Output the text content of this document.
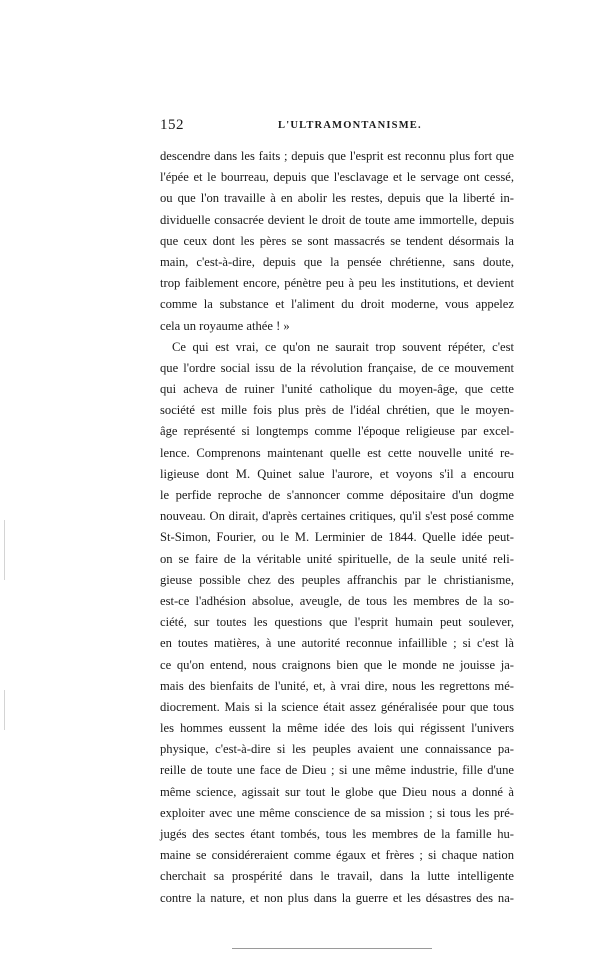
152	L'ULTRAMONTANISME.
descendre dans les faits ; depuis que l'esprit est reconnu plus fort que
l'épée et le bourreau, depuis que l'esclavage et le servage ont cessé,
ou que l'on travaille à en abolir les restes, depuis que la liberté in-
dividuelle consacrée devient le droit de toute ame immortelle, depuis
que ceux dont les pères se sont massacrés se tendent désormais la
main, c'est-à-dire, depuis que la pensée chrétienne, sans doute,
trop faiblement encore, pénètre peu à peu les institutions, et devient
comme la substance et l'aliment du droit moderne, vous appelez
cela un royaume athée ! »
Ce qui est vrai, ce qu'on ne saurait trop souvent répéter, c'est
que l'ordre social issu de la révolution française, de ce mouvement
qui acheva de ruiner l'unité catholique du moyen-âge, que cette
société est mille fois plus près de l'idéal chrétien, que le moyen-
âge représenté si longtemps comme l'époque religieuse par excel-
lence. Comprenons maintenant quelle est cette nouvelle unité re-
ligieuse dont M. Quinet salue l'aurore, et voyons s'il a encouru
le perfide reproche de s'annoncer comme dépositaire d'un dogme
nouveau. On dirait, d'après certaines critiques, qu'il s'est posé comme
St-Simon, Fourier, ou le M. Lerminier de 1844. Quelle idée peut-
on se faire de la véritable unité spirituelle, de la seule unité reli-
gieuse possible chez des peuples affranchis par le christianisme,
est-ce l'adhésion absolue, aveugle, de tous les membres de la so-
ciété, sur toutes les questions que l'esprit humain peut soulever,
en toutes matières, à une autorité reconnue infaillible ; si c'est là
ce qu'on entend, nous craignons bien que le monde ne jouisse ja-
mais des bienfaits de l'unité, et, à vrai dire, nous les regrettons mé-
diocrement. Mais si la science était assez généralisée pour que tous
les hommes eussent la même idée des lois qui régissent l'univers
physique, c'est-à-dire si les peuples avaient une connaissance pa-
reille de toute une face de Dieu ; si une même industrie, fille d'une
même science, agissait sur tout le globe que Dieu nous a donné à
exploiter avec une même conscience de sa mission ; si tous les pré-
jugés des sectes étant tombés, tous les membres de la famille hu-
maine se considéreraient comme égaux et frères ; si chaque nation
cherchait sa prospérité dans le travail, dans la lutte intelligente
contre la nature, et non plus dans la guerre et les désastres des na-
